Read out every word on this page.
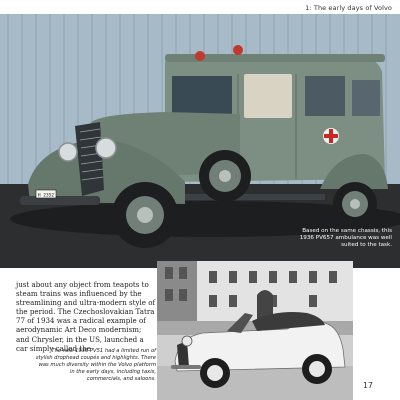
1: The early days of Volvo
H 2352
Based on the same chassis, this 1936 PV657 ambulance was well suited to the task.
just about any object from teapots to steam trains was influenced by the streamlining and ultra-modern style of the period. The Czechoslovakian Tatra 77 of 1934 was a radical example of aerodynamic Art Deco modernism; and Chrysler, in the US, launched a car simply called the
The new 1936 PV51 had a limited run of stylish drophead coupés and highlights. There was much diversity within the Volvo platform in the early days, including taxis, commercials, and saloons.
17
